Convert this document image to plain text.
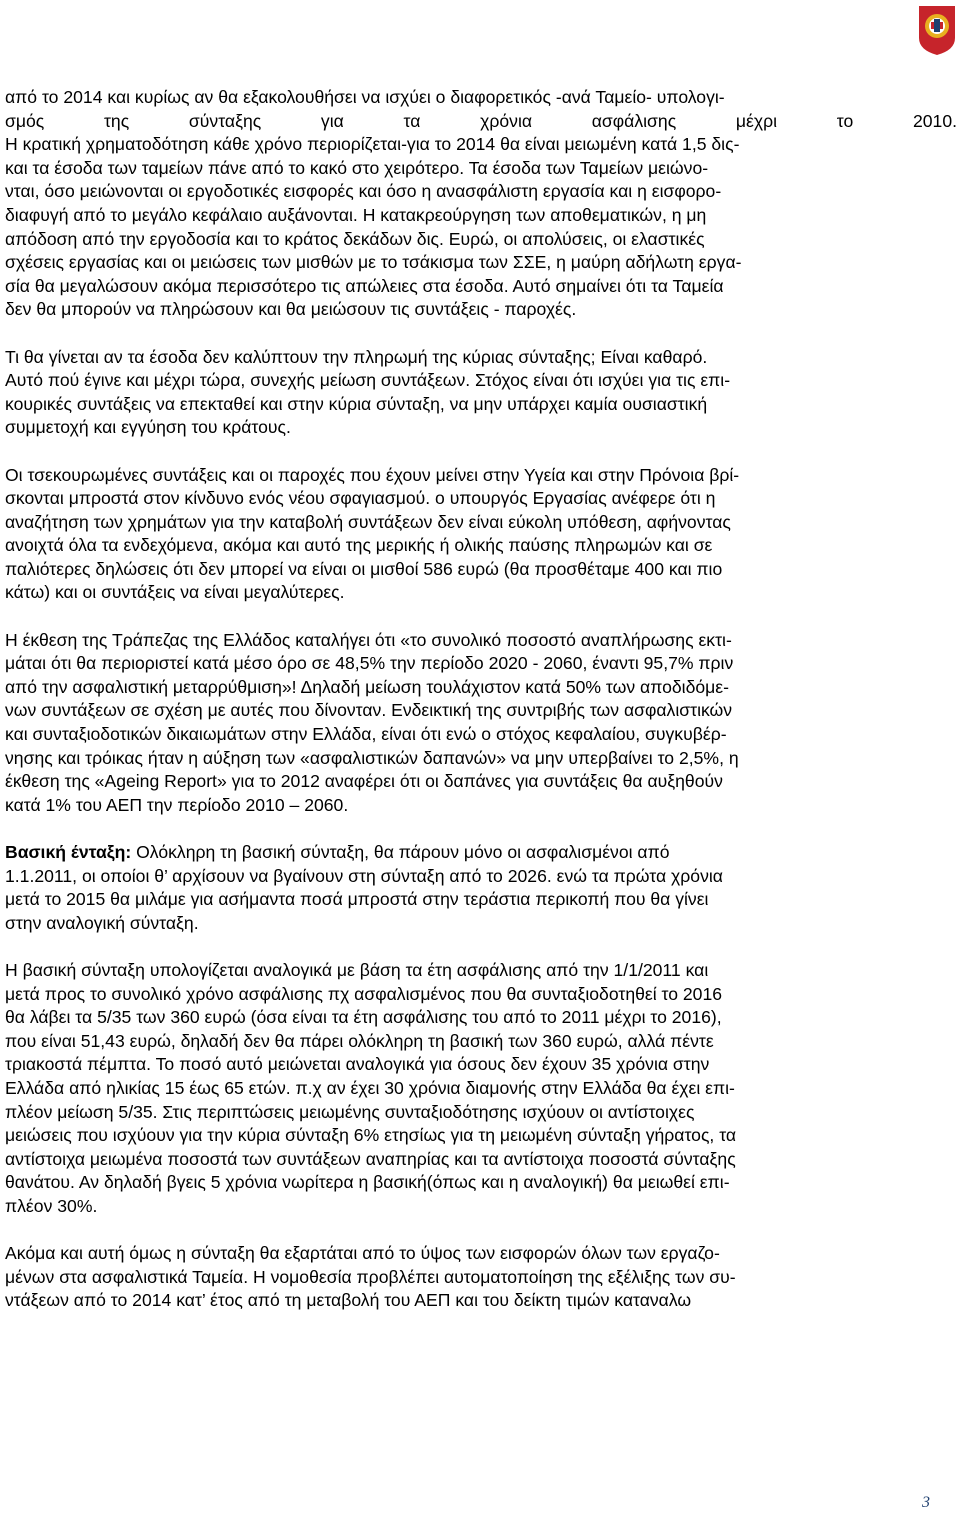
από το 2014 και κυρίως αν θα εξακολουθήσει να ισχύει ο διαφορετικός -ανά Ταμείο- υπολογι-
σμός της σύνταξης για τα χρόνια ασφάλισης μέχρι το 2010.
Η κρατική χρηματοδότηση κάθε χρόνο περιορίζεται-για το 2014 θα είναι μειωμένη κατά 1,5 δις-
και τα έσοδα των ταμείων πάνε από το κακό στο χειρότερο. Τα έσοδα των Ταμείων μειώνο-
νται, όσο μειώνονται οι εργοδοτικές εισφορές και όσο η ανασφάλιστη εργασία και η εισφορο-
διαφυγή από το μεγάλο κεφάλαιο αυξάνονται. Η κατακρεούργηση των αποθεματικών, η μη
απόδοση από την εργοδοσία και το κράτος δεκάδων δις. Ευρώ, οι απολύσεις, οι ελαστικές
σχέσεις εργασίας και οι μειώσεις των μισθών με το τσάκισμα των ΣΣΕ, η μαύρη αδήλωτη εργα-
σία θα μεγαλώσουν ακόμα περισσότερο τις απώλειες στα έσοδα. Αυτό σημαίνει ότι τα Ταμεία
δεν θα μπορούν να πληρώσουν και θα μειώσουν τις συντάξεις - παροχές.

Τι θα γίνεται αν τα έσοδα δεν καλύπτουν την πληρωμή της κύριας σύνταξης; Είναι καθαρό.
Αυτό πού έγινε και μέχρι τώρα, συνεχής μείωση συντάξεων. Στόχος είναι ότι ισχύει για τις επι-
κουρικές συντάξεις να επεκταθεί και στην κύρια σύνταξη, να μην υπάρχει καμία ουσιαστική
συμμετοχή και εγγύηση του κράτους.

Οι τσεκουρωμένες συντάξεις και οι παροχές που έχουν μείνει στην Υγεία και στην Πρόνοια βρί-
σκονται μπροστά στον κίνδυνο ενός νέου σφαγιασμού. ο υπουργός Εργασίας ανέφερε ότι η
αναζήτηση των χρημάτων για την καταβολή συντάξεων δεν είναι εύκολη υπόθεση, αφήνοντας
ανοιχτά όλα τα ενδεχόμενα, ακόμα και αυτό της μερικής ή ολικής παύσης πληρωμών και σε
παλιότερες δηλώσεις ότι δεν μπορεί να είναι οι μισθοί 586 ευρώ (θα προσθέταμε 400 και πιο
κάτω) και οι συντάξεις να είναι μεγαλύτερες.

Η έκθεση της Τράπεζας της Ελλάδος καταλήγει ότι «το συνολικό ποσοστό αναπλήρωσης εκτι-
μάται ότι θα περιοριστεί κατά μέσο όρο σε 48,5% την περίοδο 2020 - 2060, έναντι 95,7% πριν
από την ασφαλιστική μεταρρύθμιση»! Δηλαδή μείωση τουλάχιστον κατά 50% των αποδιδόμε-
νων συντάξεων σε σχέση με αυτές που δίνονταν. Ενδεικτική της συντριβής των ασφαλιστικών
και συνταξιοδοτικών δικαιωμάτων στην Ελλάδα, είναι ότι ενώ ο στόχος κεφαλαίου, συγκυβέρ-
νησης και τρόικας ήταν η αύξηση των «ασφαλιστικών δαπανών» να μην υπερβαίνει το 2,5%, η
έκθεση της «Ageing Report» για το 2012 αναφέρει ότι οι δαπάνες για συντάξεις θα αυξηθούν
κατά 1% του ΑΕΠ την περίοδο 2010 – 2060.

Βασική ένταξη: Ολόκληρη τη βασική σύνταξη, θα πάρουν μόνο οι ασφαλισμένοι από
1.1.2011, οι οποίοι θ’ αρχίσουν να βγαίνουν στη σύνταξη από το 2026. ενώ τα πρώτα χρόνια
μετά το 2015 θα μιλάμε για ασήμαντα ποσά μπροστά στην τεράστια περικοπή που θα γίνει
στην αναλογική σύνταξη.

Η βασική σύνταξη υπολογίζεται αναλογικά με βάση τα έτη ασφάλισης από την 1/1/2011 και
μετά προς το συνολικό χρόνο ασφάλισης πχ ασφαλισμένος που θα συνταξιοδοτηθεί το 2016
θα λάβει τα 5/35 των 360 ευρώ (όσα είναι τα έτη ασφάλισης του από το 2011 μέχρι το 2016),
που είναι 51,43 ευρώ, δηλαδή δεν θα πάρει ολόκληρη τη βασική των 360 ευρώ, αλλά πέντε
τριακοστά πέμπτα. Το ποσό αυτό μειώνεται αναλογικά για όσους δεν έχουν 35 χρόνια στην
Ελλάδα από ηλικίας 15 έως 65 ετών. π.χ αν έχει 30 χρόνια διαμονής στην Ελλάδα θα έχει επι-
πλέον μείωση 5/35. Στις περιπτώσεις μειωμένης συνταξιοδότησης ισχύουν οι αντίστοιχες
μειώσεις που ισχύουν για την κύρια σύνταξη 6% ετησίως για τη μειωμένη σύνταξη γήρατος, τα
αντίστοιχα μειωμένα ποσοστά των συντάξεων αναπηρίας και τα αντίστοιχα ποσοστά σύνταξης
θανάτου. Αν δηλαδή βγεις 5 χρόνια νωρίτερα η βασική(όπως και η αναλογική) θα μειωθεί επι-
πλέον 30%.

Ακόμα και αυτή όμως η σύνταξη θα εξαρτάται από το ύψος των εισφορών όλων των εργαζο-
μένων στα ασφαλιστικά Ταμεία. Η νομοθεσία προβλέπει αυτοματοποίηση της εξέλιξης των συ-
ντάξεων από το 2014 κατ’ έτος από τη μεταβολή του ΑΕΠ και του δείκτη τιμών καταναλω

3
